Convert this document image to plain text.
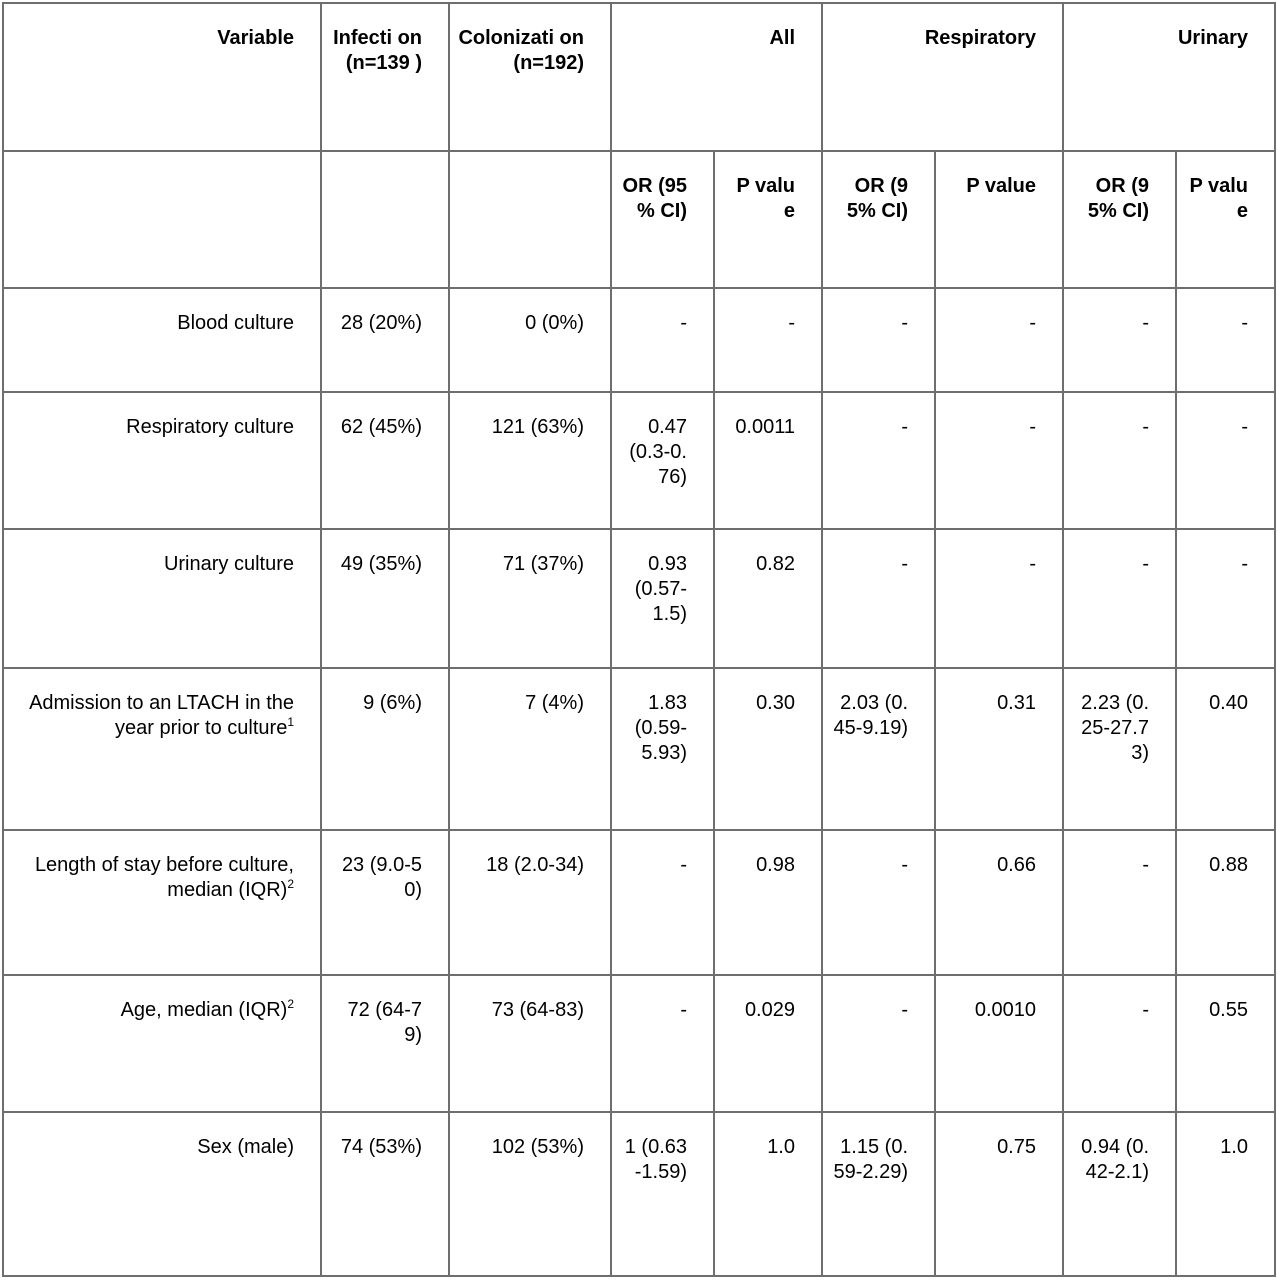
Variable	Infecti on (n=139 )	Colonizati on (n=192)	All		Respiratory		Urinary	
			OR (95 % CI)	P valu e	OR (95% CI)	P value	OR (95% CI)	P valu e
Blood culture	28 (20%)	0 (0%)	-	-	-	-	-	-
Respiratory culture	62 (45%)	121 (63%)	0.47 (0.3-0.76)	0.0011	-	-	-	-
Urinary culture	49 (35%)	71 (37%)	0.93 (0.57-1.5)	0.82	-	-	-	-
Admission to an LTACH in the year prior to culture$^1$	9 (6%)	7 (4%)	1.83 (0.59-5.93)	0.30	2.03 (0.45-9.19)	0.31	2.23 (0.25-27.73)	0.40
Length of stay before culture, median (IQR)$^2$	23 (9.0-50)	18 (2.0-34)	-	0.98	-	0.66	-	0.88
Age, median (IQR)$^2$	72 (64-79)	73 (64-83)	-	0.029	-	0.0010	-	0.55
Sex (male)	74 (53%)	102 (53%)	1 (0.63-1.59)	1.0	1.15 (0.59-2.29)	0.75	0.94 (0.42-2.1)	1.0
